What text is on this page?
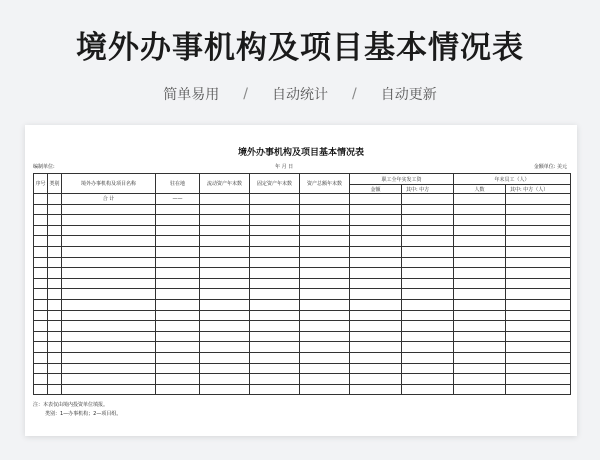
境外办事机构及项目基本情况表
简单易用 / 自动统计 / 自动更新
境外办事机构及项目基本情况表
编制单位:	年 月 日	金额单位: 美元
序号	类别	境外办事机构及项目名称	驻在地	流动资产年末数	固定资产年末数	资产总额年末数	职工全年实发工资		年末员工（人）	
							金额	其中: 中方	人数	其中: 中方（人）
		合 计	——							

注：本表仅由境内投资单位填报。
类别：1—办事机构；2—项目组。
